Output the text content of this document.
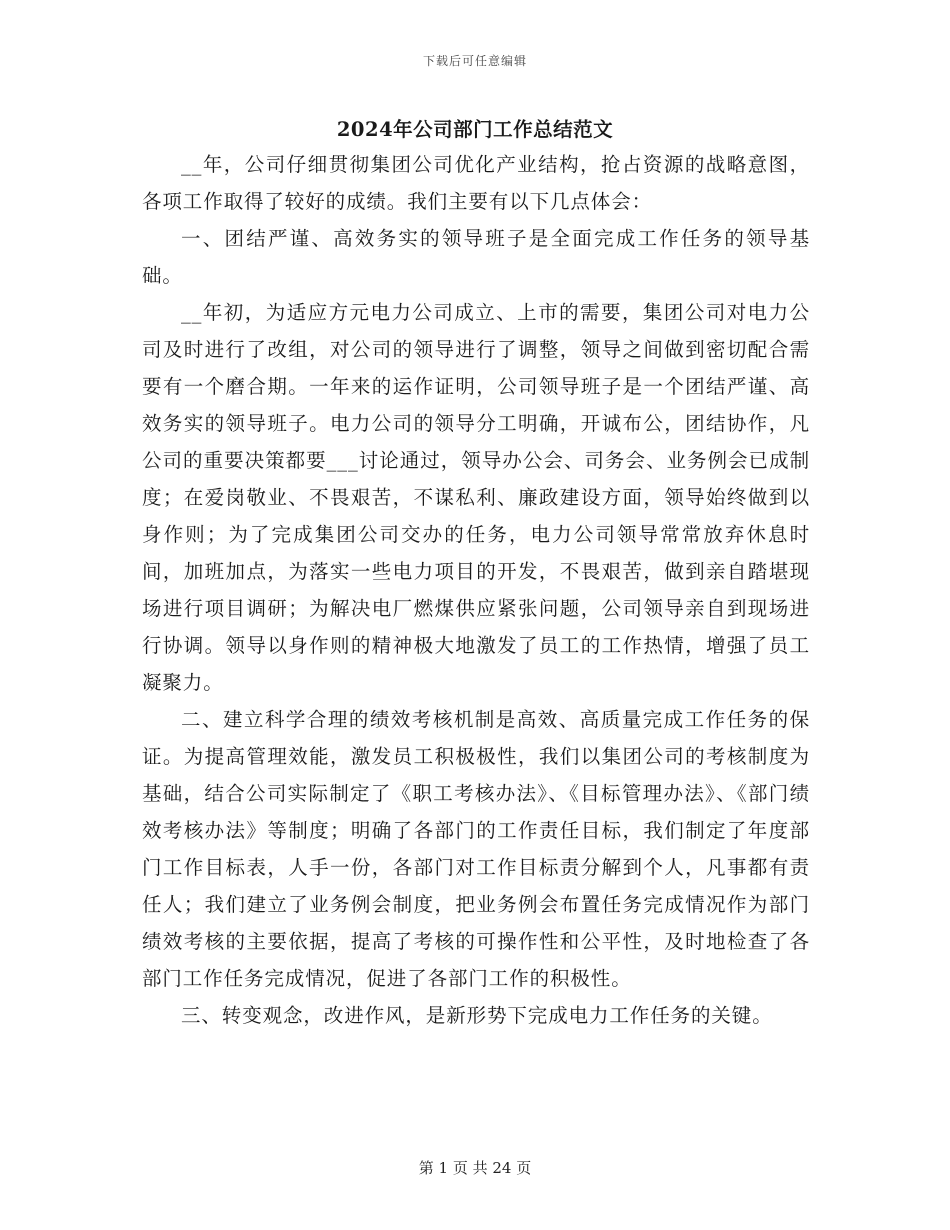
下载后可任意编辑
2024年公司部门工作总结范文

__年，公司仔细贯彻集团公司优化产业结构，抢占资源的战略意图，各项工作取得了较好的成绩。我们主要有以下几点体会：

一、团结严谨、高效务实的领导班子是全面完成工作任务的领导基础。

__年初，为适应方元电力公司成立、上市的需要，集团公司对电力公司及时进行了改组，对公司的领导进行了调整，领导之间做到密切配合需要有一个磨合期。一年来的运作证明，公司领导班子是一个团结严谨、高效务实的领导班子。电力公司的领导分工明确，开诚布公，团结协作，凡公司的重要决策都要___讨论通过，领导办公会、司务会、业务例会已成制度；在爱岗敬业、不畏艰苦，不谋私利、廉政建设方面，领导始终做到以身作则；为了完成集团公司交办的任务，电力公司领导常常放弃休息时间，加班加点，为落实一些电力项目的开发，不畏艰苦，做到亲自踏堪现场进行项目调研；为解决电厂燃煤供应紧张问题，公司领导亲自到现场进行协调。领导以身作则的精神极大地激发了员工的工作热情，增强了员工凝聚力。

二、建立科学合理的绩效考核机制是高效、高质量完成工作任务的保证。为提高管理效能，激发员工积极极性，我们以集团公司的考核制度为基础，结合公司实际制定了《职工考核办法》、《目标管理办法》、《部门绩效考核办法》等制度；明确了各部门的工作责任目标，我们制定了年度部门工作目标表，人手一份，各部门对工作目标责分解到个人，凡事都有责任人；我们建立了业务例会制度，把业务例会布置任务完成情况作为部门绩效考核的主要依据，提高了考核的可操作性和公平性，及时地检查了各部门工作任务完成情况，促进了各部门工作的积极性。

三、转变观念，改进作风，是新形势下完成电力工作任务的关键。

第 1 页 共 24 页
